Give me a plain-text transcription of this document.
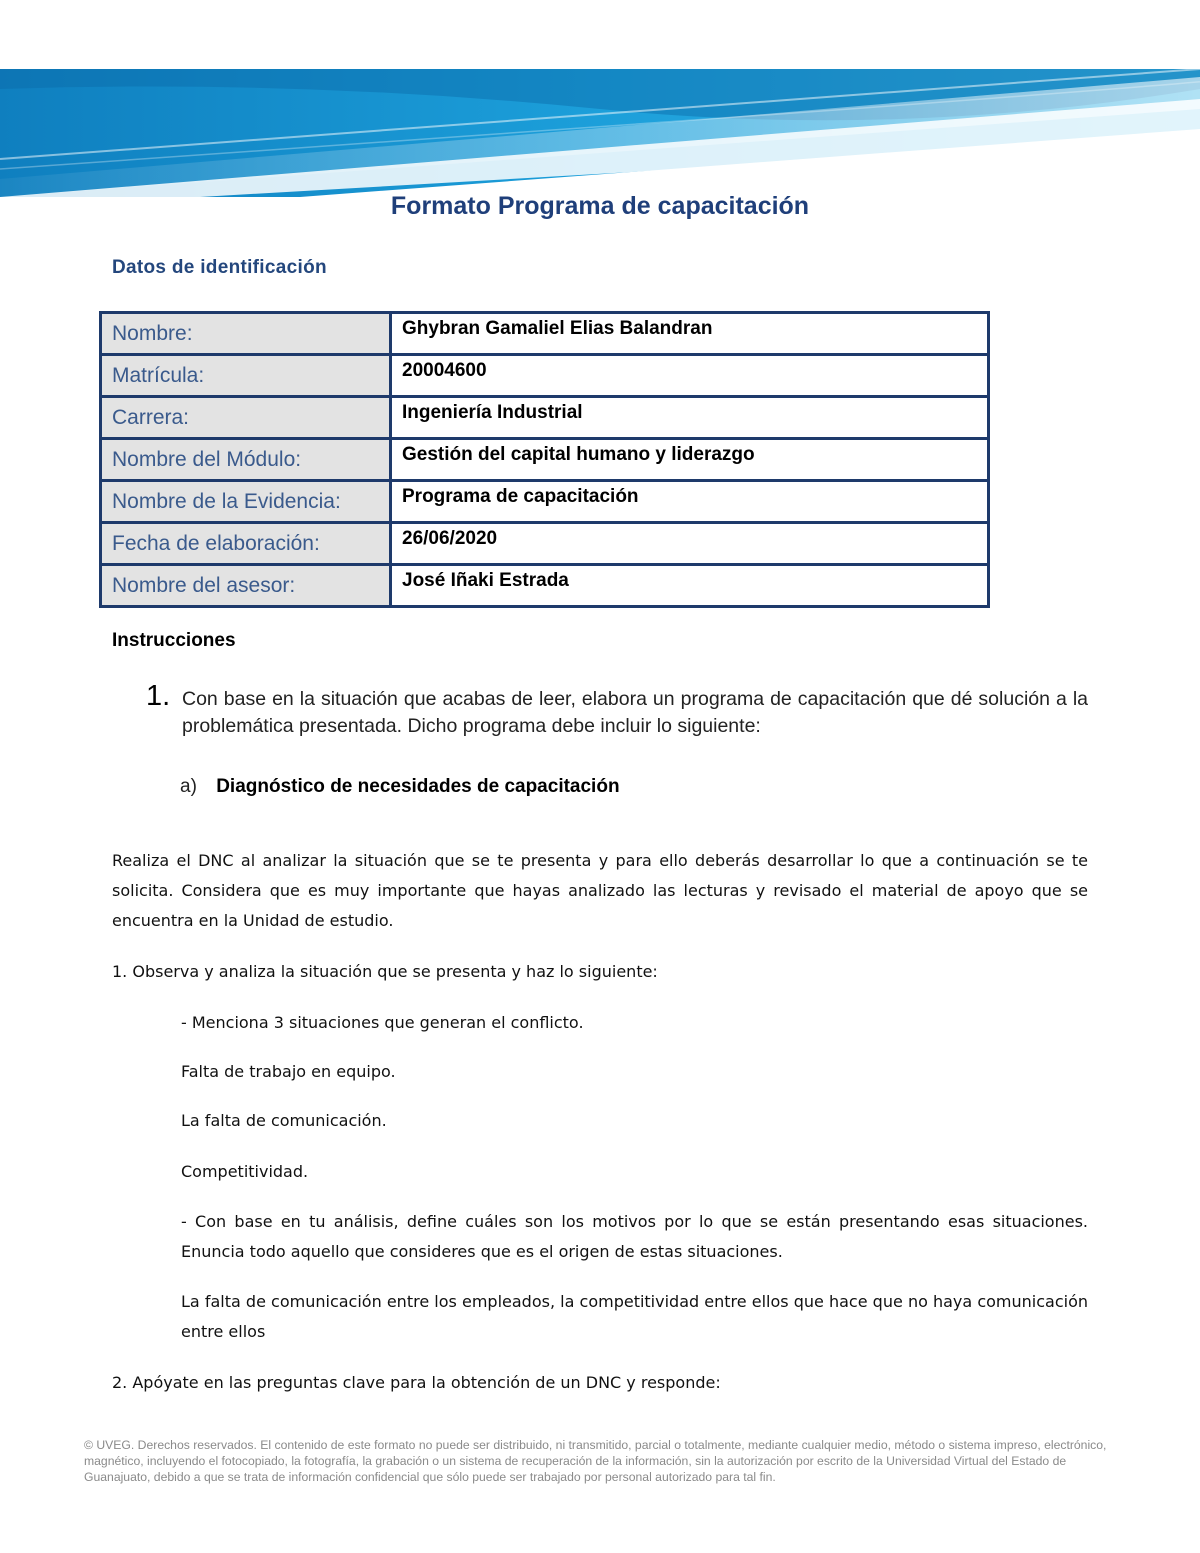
Formato Programa de capacitación
Datos de identificación
Nombre:	Ghybran Gamaliel Elias Balandran
Matrícula:	20004600
Carrera:	Ingeniería Industrial
Nombre del Módulo:	Gestión del capital humano y liderazgo
Nombre de la Evidencia:	Programa de capacitación
Fecha de elaboración:	26/06/2020
Nombre del asesor:	José Iñaki Estrada
Instrucciones
1. Con base en la situación que acabas de leer, elabora un programa de capacitación que dé solución a la problemática presentada. Dicho programa debe incluir lo siguiente:

a) Diagnóstico de necesidades de capacitación

Realiza el DNC al analizar la situación que se te presenta y para ello deberás desarrollar lo que a continuación se te solicita. Considera que es muy importante que hayas analizado las lecturas y revisado el material de apoyo que se encuentra en la Unidad de estudio.

1. Observa y analiza la situación que se presenta y haz lo siguiente:

- Menciona 3 situaciones que generan el conflicto.

Falta de trabajo en equipo.

La falta de comunicación.

Competitividad.

- Con base en tu análisis, define cuáles son los motivos por lo que se están presentando esas situaciones. Enuncia todo aquello que consideres que es el origen de estas situaciones.

La falta de comunicación entre los empleados, la competitividad entre ellos que hace que no haya comunicación entre ellos

2. Apóyate en las preguntas clave para la obtención de un DNC y responde:

© UVEG. Derechos reservados. El contenido de este formato no puede ser distribuido, ni transmitido, parcial o totalmente, mediante cualquier medio, método o sistema impreso, electrónico, magnético, incluyendo el fotocopiado, la fotografía, la grabación o un sistema de recuperación de la información, sin la autorización por escrito de la Universidad Virtual del Estado de Guanajuato, debido a que se trata de información confidencial que sólo puede ser trabajado por personal autorizado para tal fin.
